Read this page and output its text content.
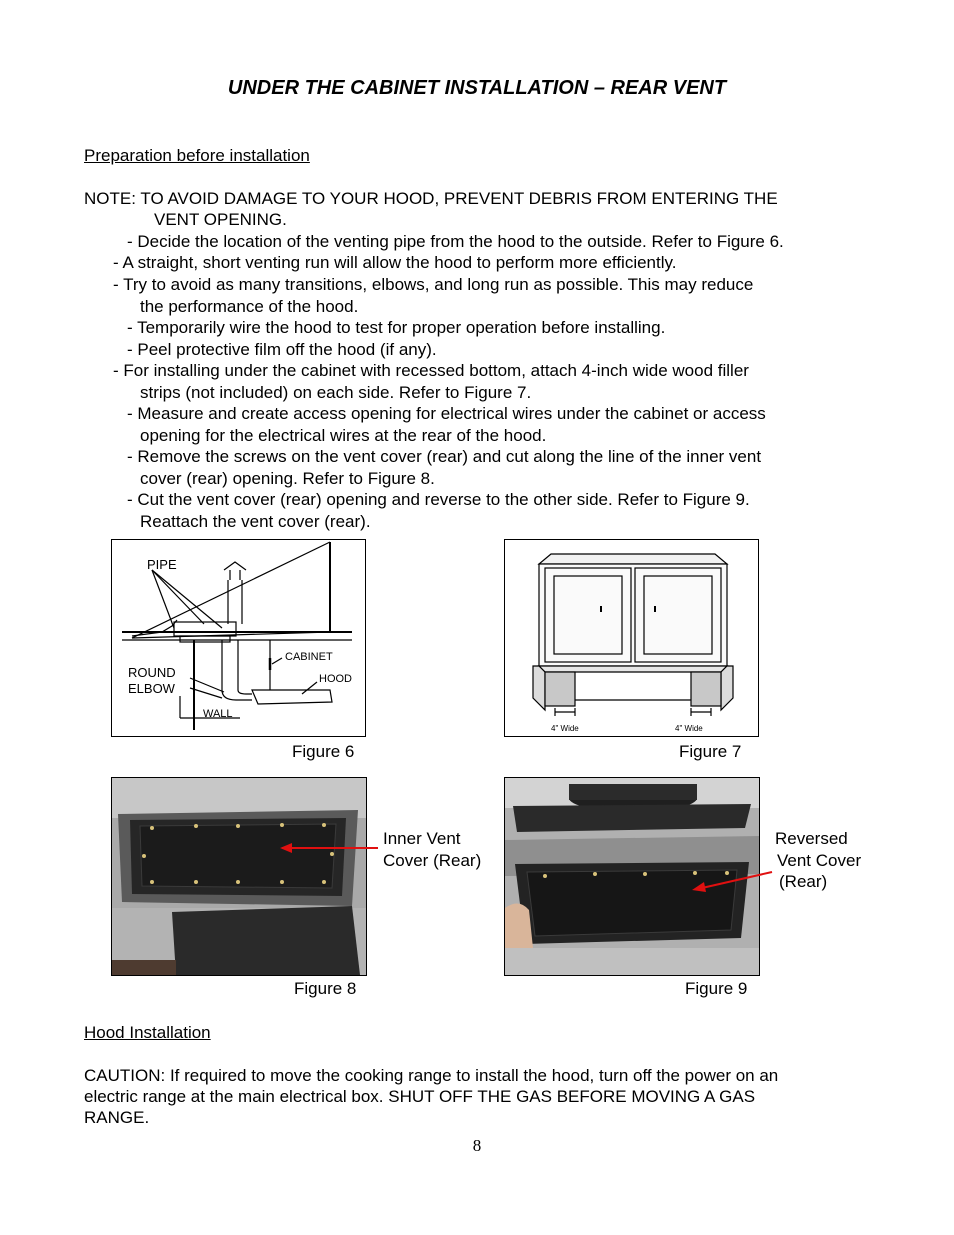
UNDER THE CABINET INSTALLATION – REAR VENT
Preparation before installation
NOTE: TO AVOID DAMAGE TO YOUR HOOD, PREVENT DEBRIS FROM ENTERING THE
VENT OPENING.
- Decide the location of the venting pipe from the hood to the outside. Refer to Figure 6.
- A straight, short venting run will allow the hood to perform more efficiently.
- Try to avoid as many transitions, elbows, and long run as possible. This may reduce
the performance of the hood.
- Temporarily wire the hood to test for proper operation before installing.
- Peel protective film off the hood (if any).
- For installing under the cabinet with recessed bottom, attach 4-inch wide wood filler
strips (not included) on each side. Refer to Figure 7.
- Measure and create access opening for electrical wires under the cabinet or access
opening for the electrical wires at the rear of the hood.
- Remove the screws on the vent cover (rear) and cut along the line of the inner vent
cover (rear) opening. Refer to Figure 8.
- Cut the vent cover (rear) opening and reverse to the other side. Refer to Figure 9.
Reattach the vent cover (rear).
PIPE
ROUND
ELBOW
CABINET
HOOD
WALL
Figure 6
4" Wide	4" Wide
Figure 7
Inner Vent
Cover (Rear)
Figure 8
Reversed
Vent Cover
(Rear)
Figure 9
Hood Installation
CAUTION: If required to move the cooking range to install the hood, turn off the power on an
electric range at the main electrical box. SHUT OFF THE GAS BEFORE MOVING A GAS
RANGE.
8
